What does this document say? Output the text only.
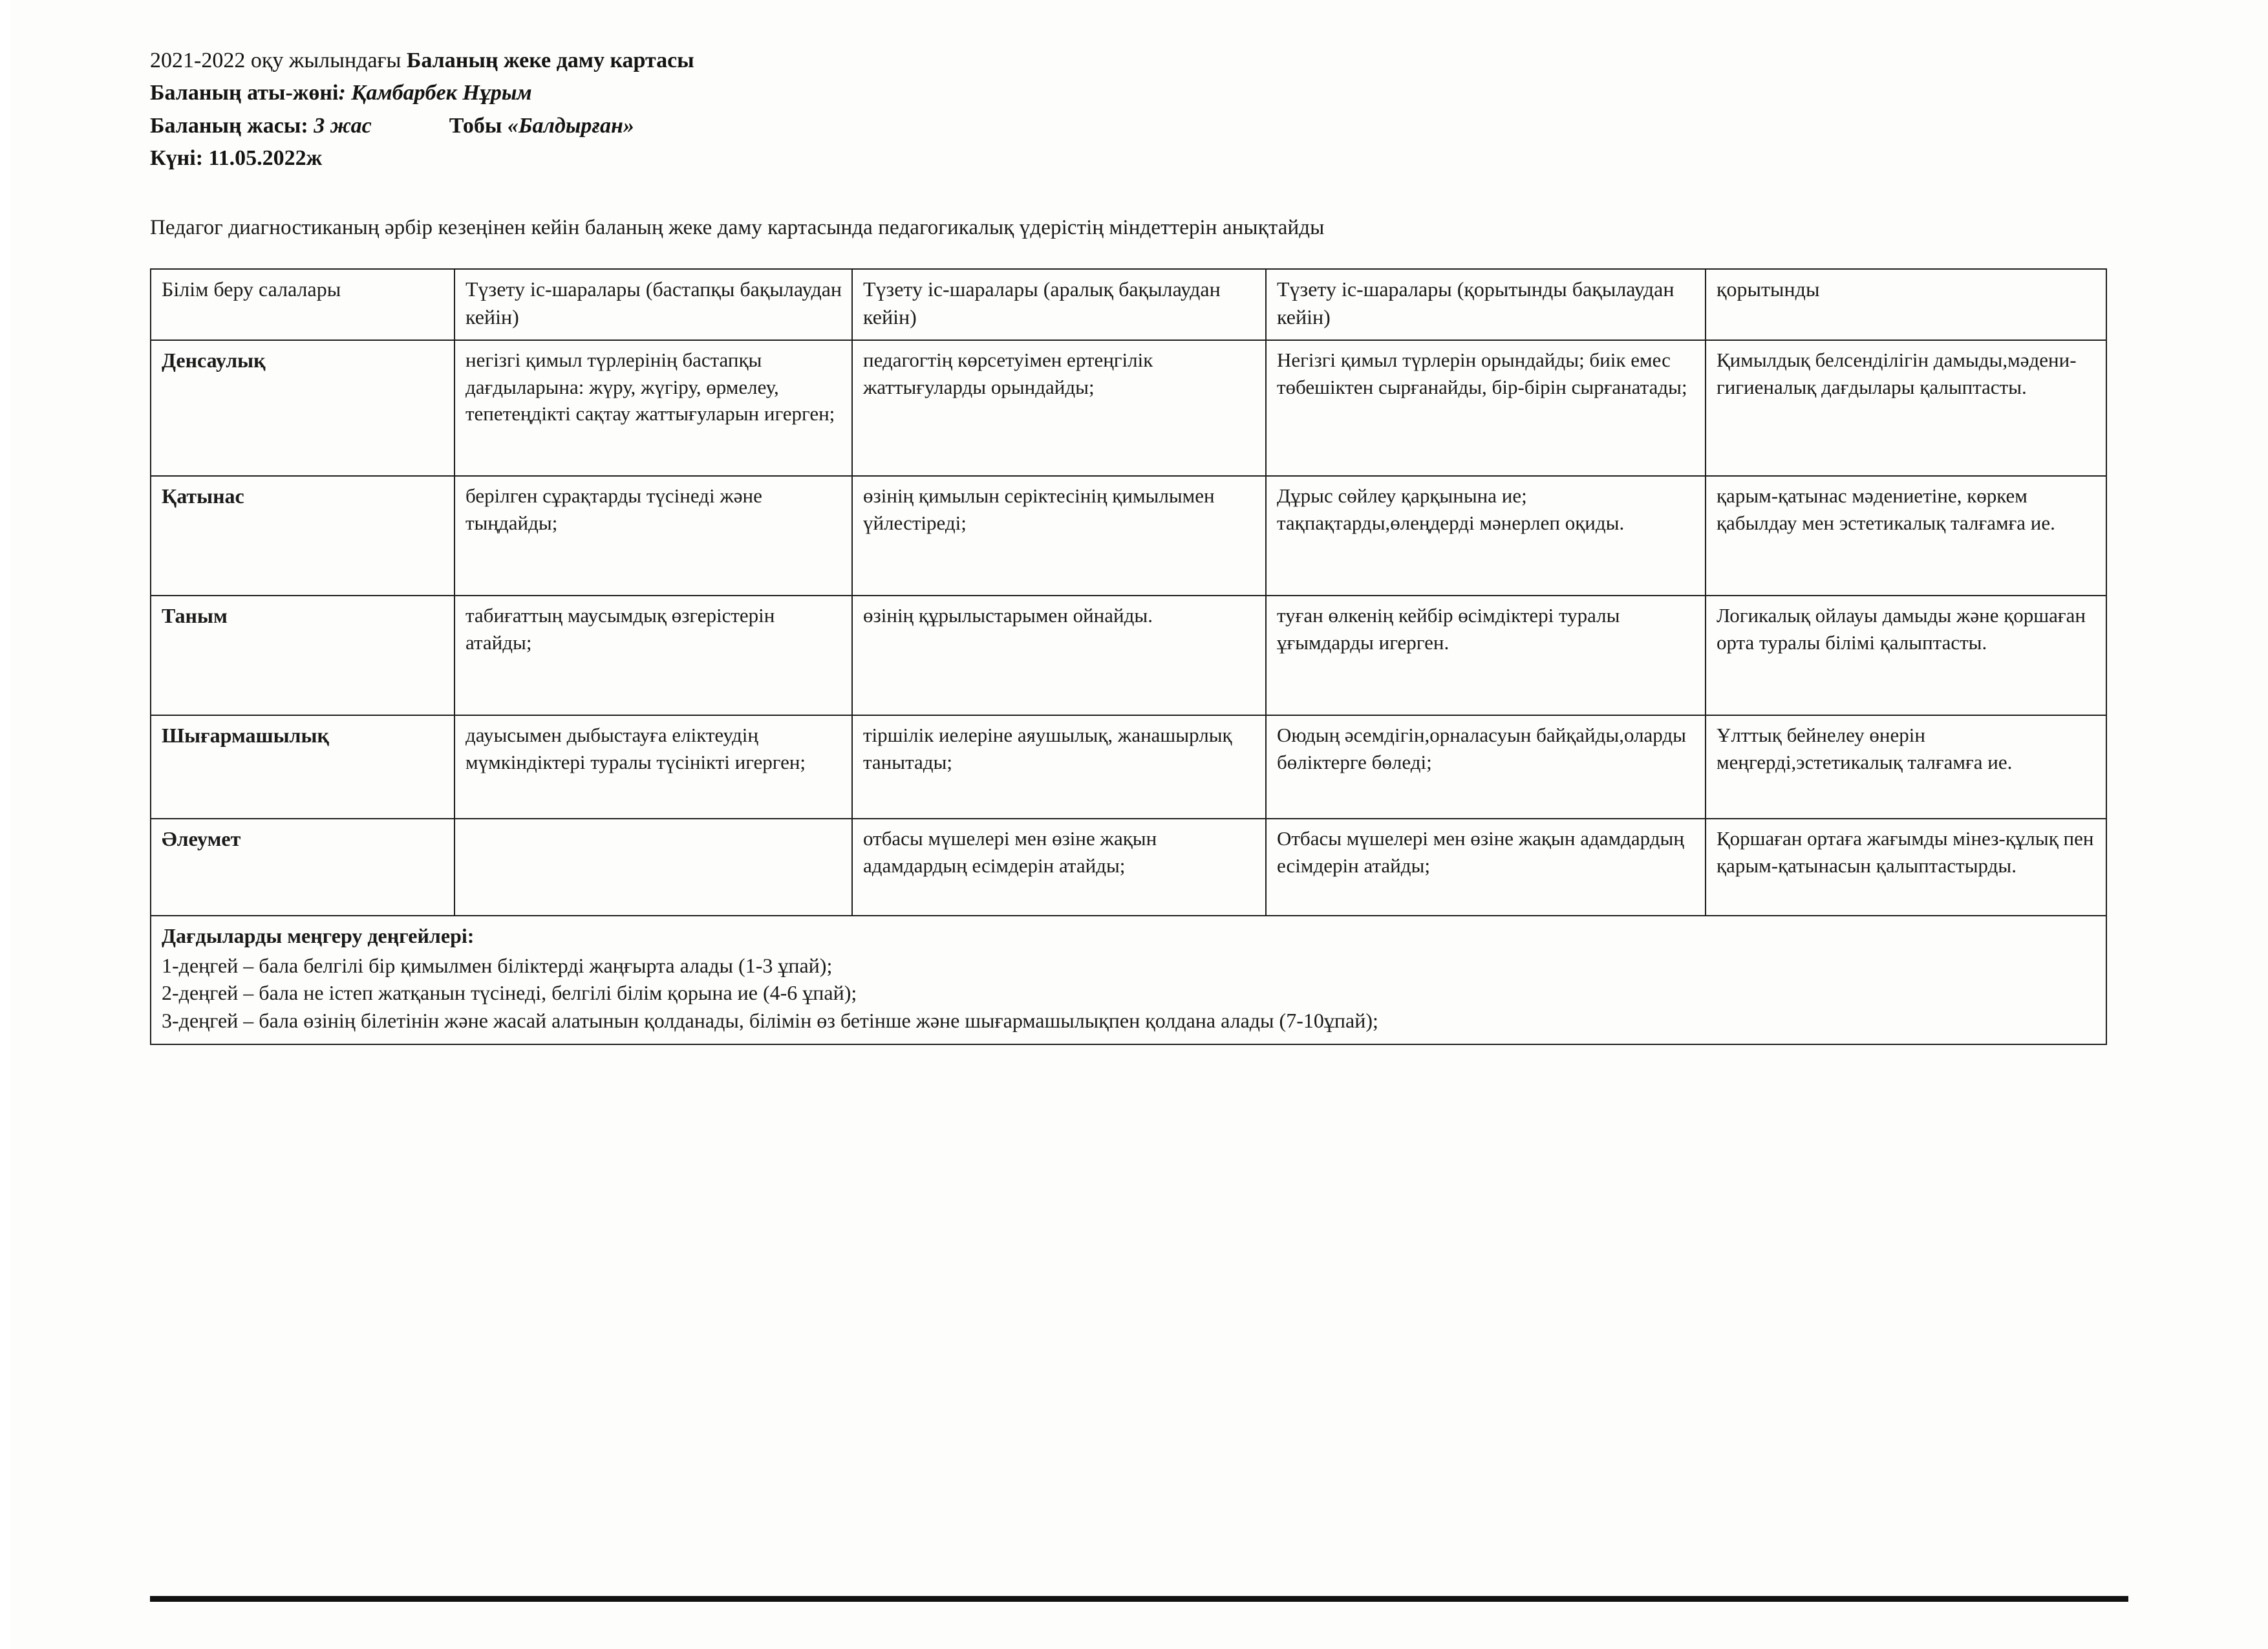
2021-2022 оқу жылындағы Баланың жеке даму картасы
Баланың аты-жөні: Қамбарбек Нұрым
Баланың жасы: 3 жас	Тобы «Балдырған»
Күні: 11.05.2022ж
Педагог диагностиканың әрбір кезеңінен кейін баланың жеке даму картасында педагогикалық үдерістің міндеттерін анықтайды
Білім беру салалары	Түзету іс-шаралары (бастапқы бақылаудан кейін)	Түзету іс-шаралары (аралық бақылаудан кейін)	Түзету іс-шаралары (қорытынды бақылаудан кейін)	қорытынды
Денсаулық	негізгі қимыл түрлерінің бастапқы дағдыларына: жүру, жүгіру, өрмелеу, тепетеңдікті сақтау жаттығуларын игерген;	педагогтің көрсетуімен ертеңгілік жаттығуларды орындайды;	Негізгі қимыл түрлерін орындайды; биік емес төбешіктен сырғанайды, бір-бірін сырғанатады;	Қимылдық белсенділігін дамыды,мәдени-гигиеналық дағдылары қалыптасты.
Қатынас	берілген сұрақтарды түсінеді және тыңдайды;	өзінің қимылын серіктесінің қимылымен үйлестіреді;	Дұрыс сөйлеу қарқынына ие; тақпақтарды,өлеңдерді мәнерлеп оқиды.	қарым-қатынас мәдениетіне, көркем қабылдау мен эстетикалық талғамға ие.
Таным	табиғаттың маусымдық өзгерістерін атайды;	өзінің құрылыстарымен ойнайды.	туған өлкенің кейбір өсімдіктері туралы ұғымдарды игерген.	Логикалық ойлауы дамыды және қоршаған орта туралы білімі қалыптасты.
Шығармашылық	дауысымен дыбыстауға еліктеудің мүмкіндіктері туралы түсінікті игерген;	тіршілік иелеріне аяушылық, жанашырлық танытады;	Оюдың әсемдігін,орналасуын байқайды,оларды бөліктерге бөледі;	Ұлттық бейнелеу өнерін меңгерді,эстетикалық талғамға ие.
Әлеумет		отбасы мүшелері мен өзіне жақын адамдардың есімдерін атайды;	Отбасы мүшелері мен өзіне жақын адамдардың есімдерін атайды;	Қоршаған ортаға жағымды мінез-құлық пен қарым-қатынасын қалыптастырды.

Дағдыларды меңгеру деңгейлері:
1-деңгей – бала белгілі бір қимылмен біліктерді жаңғырта алады (1-3 ұпай);
2-деңгей – бала не істеп жатқанын түсінеді, белгілі білім қорына ие (4-6 ұпай);
3-деңгей – бала өзінің білетінін және жасай алатынын қолданады, білімін өз бетінше және шығармашылықпен қолдана алады (7-10ұпай);				
